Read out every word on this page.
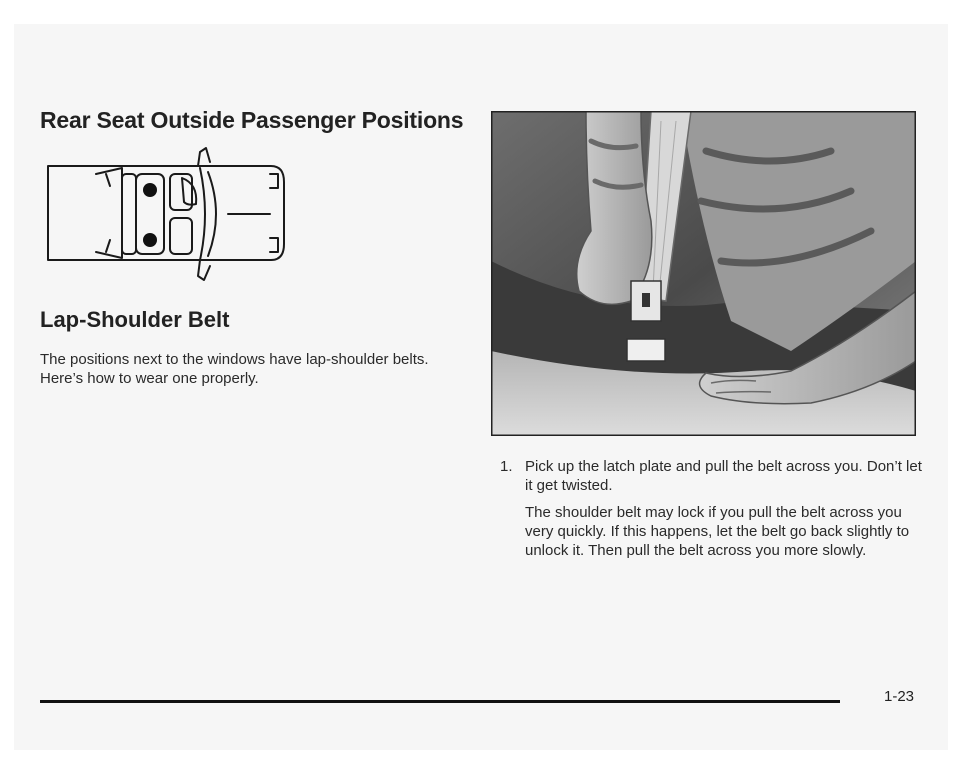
Rear Seat Outside Passenger Positions
Lap-Shoulder Belt

The positions next to the windows have lap-shoulder belts. Here’s how to wear one properly.

1. Pick up the latch plate and pull the belt across you. Don’t let it get twisted.
The shoulder belt may lock if you pull the belt across you very quickly. If this happens, let the belt go back slightly to unlock it. Then pull the belt across you more slowly.
1-23
